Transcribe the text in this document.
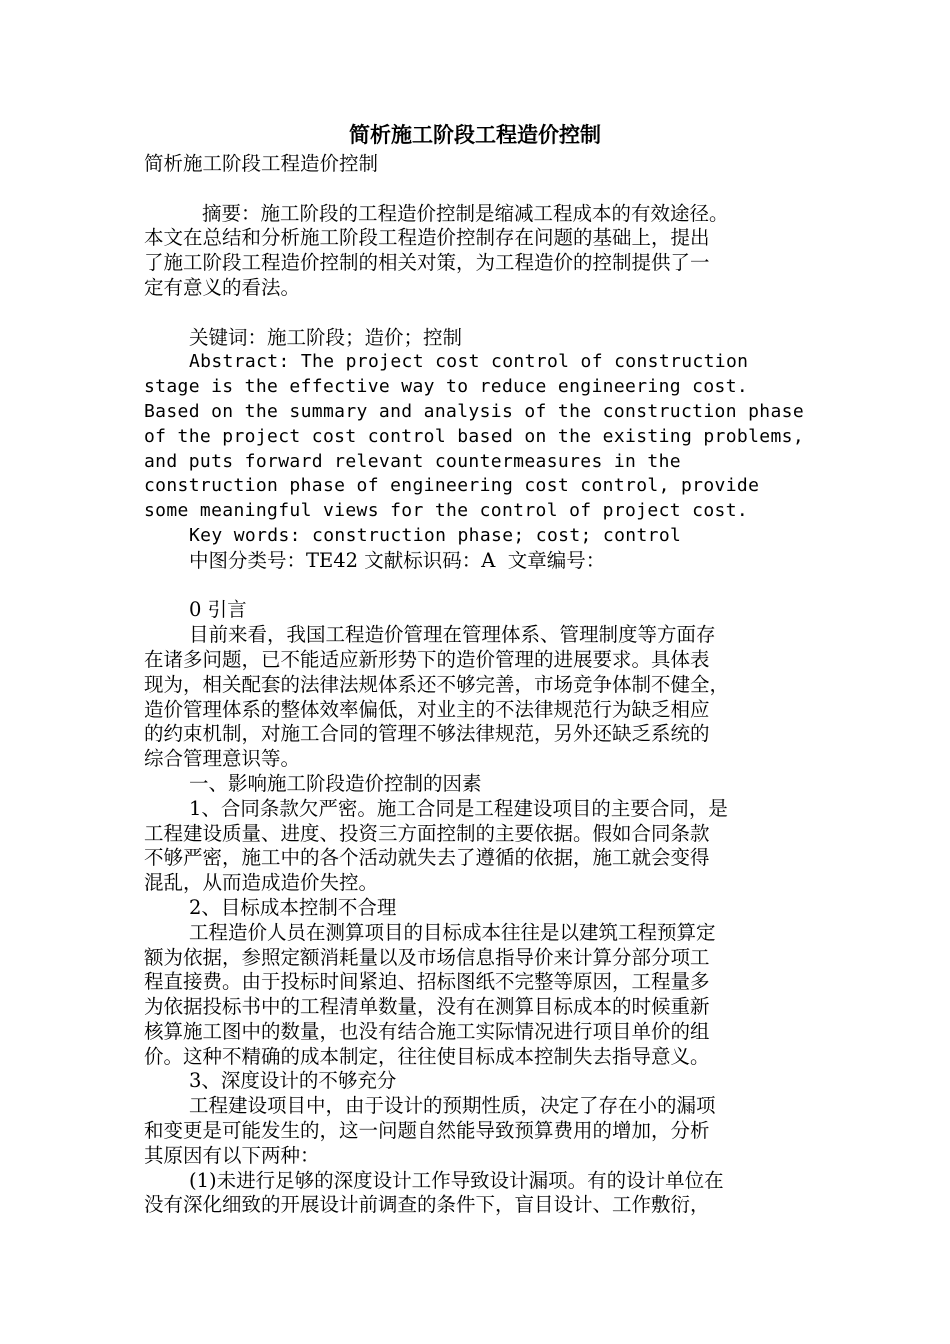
简析施工阶段工程造价控制
简析施工阶段工程造价控制
摘要：施工阶段的工程造价控制是缩减工程成本的有效途径。
本文在总结和分析施工阶段工程造价控制存在问题的基础上，提出
了施工阶段工程造价控制的相关对策，为工程造价的控制提供了一
定有意义的看法。
关键词：施工阶段；造价；控制
Abstract: The project cost control of construction
stage is the effective way to reduce engineering cost.
Based on the summary and analysis of the construction phase
of the project cost control based on the existing problems,
and puts forward relevant countermeasures in the
construction phase of engineering cost control, provide
some meaningful views for the control of project cost.
Key words: construction phase; cost; control
中图分类号：TE42 文献标识码：A  文章编号：
0 引言
目前来看，我国工程造价管理在管理体系、管理制度等方面存
在诸多问题，已不能适应新形势下的造价管理的进展要求。具体表
现为，相关配套的法律法规体系还不够完善，市场竞争体制不健全，
造价管理体系的整体效率偏低，对业主的不法律规范行为缺乏相应
的约束机制，对施工合同的管理不够法律规范，另外还缺乏系统的
综合管理意识等。
一、影响施工阶段造价控制的因素
1、合同条款欠严密。施工合同是工程建设项目的主要合同，是
工程建设质量、进度、投资三方面控制的主要依据。假如合同条款
不够严密，施工中的各个活动就失去了遵循的依据，施工就会变得
混乱，从而造成造价失控。
2、目标成本控制不合理
工程造价人员在测算项目的目标成本往往是以建筑工程预算定
额为依据，参照定额消耗量以及市场信息指导价来计算分部分项工
程直接费。由于投标时间紧迫、招标图纸不完整等原因，工程量多
为依据投标书中的工程清单数量，没有在测算目标成本的时候重新
核算施工图中的数量，也没有结合施工实际情况进行项目单价的组
价。这种不精确的成本制定，往往使目标成本控制失去指导意义。
3、深度设计的不够充分
工程建设项目中，由于设计的预期性质，决定了存在小的漏项
和变更是可能发生的，这一问题自然能导致预算费用的增加，分析
其原因有以下两种：
(1)未进行足够的深度设计工作导致设计漏项。有的设计单位在
没有深化细致的开展设计前调查的条件下，盲目设计、工作敷衍，
